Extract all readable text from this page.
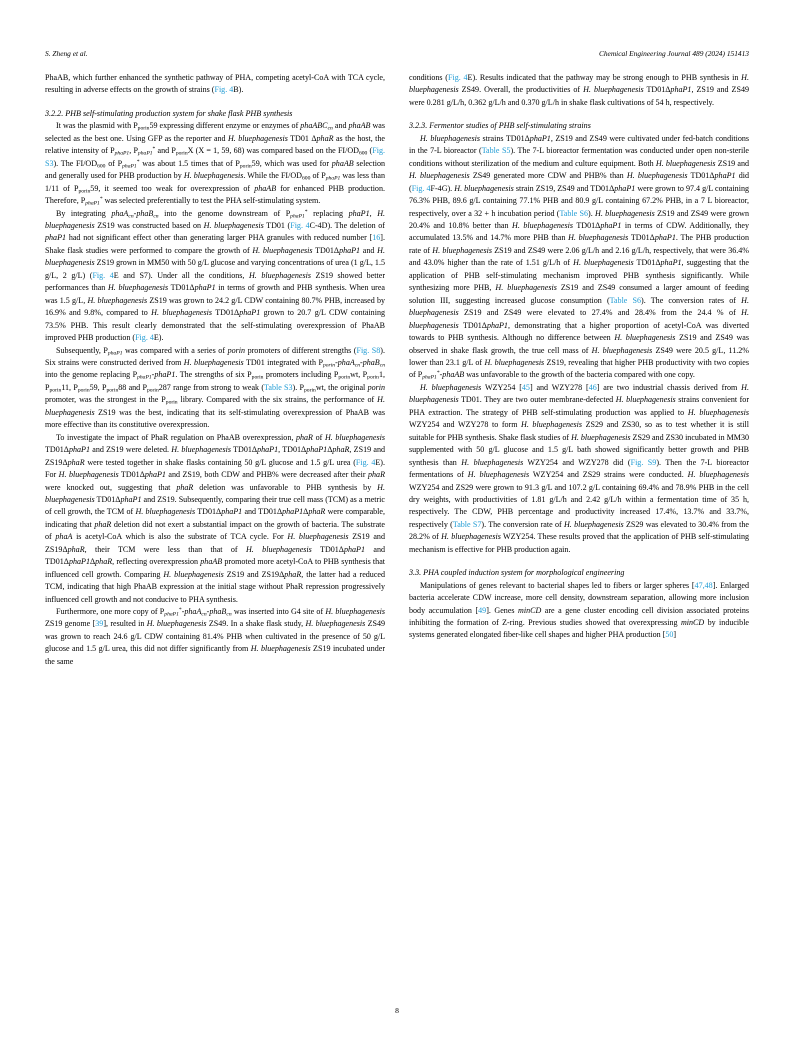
S. Zheng et al.	Chemical Engineering Journal 489 (2024) 151413

PhaAB, which further enhanced the synthetic pathway of PHA, competing acetyl-CoA with TCA cycle, resulting in adverse effects on the growth of strains (Fig. 4B).

3.2.2. PHB self-stimulating production system for shake flask PHB synthesis

It was the plasmid with $P_{porin}59$ expressing different enzyme or enzymes of phaABC$_{cn}$ and phaAB was selected as the best one. Using GFP as the reporter and H. bluephagenesis TD01 ΔphaR as the host, the relative intensity of $P_{phaP1}$, $P_{phaP1}^*$ and $P_{porin}X$ (X = 1, 59, 68) was compared based on the $FI/OD_{600}$ (Fig. S3). The $FI/OD_{600}$ of $P_{phaP1}^*$ was about 1.5 times that of $P_{porin}59$, which was used for phaAB selection and generally used for PHB production by H. bluephagenesis. While the $FI/OD_{600}$ of $P_{phaP1}$ was less than 1/11 of $P_{porin}59$, it seemed too weak for overexpression of phaAB for enhanced PHB production. Therefore, $P_{phaP1}^*$ was selected preferentially to test the PHA self-stimulating system.

By integrating phaA$_{cn}$-phaB$_{cn}$ into the genome downstream of $P_{phaP1}^*$ replacing phaP1, H. bluephagenesis ZS19 was constructed based on H. bluephagenesis TD01 (Fig. 4C-4D). The deletion of phaP1 had not significant effect other than generating larger PHA granules with reduced number [16]. Shake flask studies were performed to compare the growth of H. bluephagenesis TD01ΔphaP1 and H. bluephagenesis ZS19 grown in MM50 with 50 g/L glucose and varying concentrations of urea (1 g/L, 1.5 g/L, 2 g/L) (Fig. 4E and S7). Under all the conditions, H. bluephagenesis ZS19 showed better performances than H. bluephagenesis TD01ΔphaP1 in terms of growth and PHB synthesis. When urea was 1.5 g/L, H. bluephagenesis ZS19 was grown to 24.2 g/L CDW containing 80.7% PHB, increased by 16.9% and 9.8%, compared to H. bluephagenesis TD01ΔphaP1 grown to 20.7 g/L CDW containing 73.5% PHB. This result clearly demonstrated that the self-stimulating overexpression of PhaAB improved PHB production (Fig. 4E).

Subsequently, $P_{phaP1}$ was compared with a series of porin promoters of different strengths (Fig. S8). Six strains were constructed derived from H. bluephagenesis TD01 integrated with $P_{porin}-phaA_{cn}-phaB_{cn}$ into the genome replacing $P_{phaP1}-phaP1$. The strengths of six $P_{porin}$ promoters including $P_{porin}wt$, $P_{porin}1$, $P_{porin}11$, $P_{porin}59$, $P_{porin}88$ and $P_{porin}287$ range from strong to weak (Table S3). $P_{porin}wt$, the original porin promoter, was the strongest in the $P_{porin}$ library. Compared with the six strains, the performance of H. bluephagenesis ZS19 was the best, indicating that its self-stimulating overexpression of PhaAB was more effective than its constitutive overexpression.

To investigate the impact of PhaR regulation on PhaAB overexpression, phaR of H. bluephagenesis TD01ΔphaP1 and ZS19 were deleted. H. bluephagenesis TD01ΔphaP1, TD01ΔphaP1ΔphaR, ZS19 and ZS19ΔphaR were tested together in shake flasks containing 50 g/L glucose and 1.5 g/L urea (Fig. 4E). For H. bluephagenesis TD01ΔphaP1 and ZS19, both CDW and PHB% were decreased after their phaR were knocked out, suggesting that phaR deletion was unfavorable to PHB synthesis by H. bluephagenesis TD01ΔphaP1 and ZS19. Subsequently, comparing their true cell mass (TCM) as a metric of cell growth, the TCM of H. bluephagenesis TD01ΔphaP1 and TD01ΔphaP1ΔphaR were comparable, indicating that phaR deletion did not exert a substantial impact on the growth of bacteria. The substrate of phaA is acetyl-CoA which is also the substrate of TCA cycle. For H. bluephagenesis ZS19 and ZS19ΔphaR, their TCM were less than that of H. bluephagenesis TD01ΔphaP1 and TD01ΔphaP1ΔphaR, reflecting overexpression phaAB promoted more acetyl-CoA to PHB synthesis that influenced cell growth. Comparing H. bluephagenesis ZS19 and ZS19ΔphaR, the latter had a reduced TCM, indicating that high PhaAB expression at the initial stage without PhaR repression progressively influenced cell growth and not conducive to PHA synthesis.

Furthermore, one more copy of $P_{phaP1}^*-phaA_{cn}-phaB_{cn}$ was inserted into G4 site of H. bluephagenesis ZS19 genome [39], resulted in H. bluephagenesis ZS49. In a shake flask study, H. bluephagenesis ZS49 was grown to reach 24.6 g/L CDW containing 81.4% PHB when cultivated in the presence of 50 g/L glucose and 1.5 g/L urea, this did not differ significantly from H. bluephagenesis ZS19 incubated under the same

conditions (Fig. 4E). Results indicated that the pathway may be strong enough to PHB synthesis in H. bluephagenesis ZS49. Overall, the productivities of H. bluephagenesis TD01ΔphaP1, ZS19 and ZS49 were 0.281 g/L/h, 0.362 g/L/h and 0.370 g/L/h in shake flask cultivations of 54 h, respectively.

3.2.3. Fermentor studies of PHB self-stimulating strains

H. bluephagenesis strains TD01ΔphaP1, ZS19 and ZS49 were cultivated under fed-batch conditions in the 7-L bioreactor (Table S5). The 7-L bioreactor fermentation was conducted under open non-sterile conditions without sterilization of the medium and culture equipment. Both H. bluephagenesis ZS19 and H. bluephagenesis ZS49 generated more CDW and PHB% than H. bluephagenesis TD01ΔphaP1 did (Fig. 4F-4G). H. bluephagenesis strain ZS19, ZS49 and TD01ΔphaP1 were grown to 97.4 g/L containing 76.3% PHB, 89.6 g/L containing 77.1% PHB and 80.9 g/L containing 67.2% PHB, in a 7 L bioreactor, respectively, over a 32 + h incubation period (Table S6). H. bluephagenesis ZS19 and ZS49 were grown 20.4% and 10.8% better than H. bluephagenesis TD01ΔphaP1 in terms of CDW. Additionally, they accumulated 13.5% and 14.7% more PHB than H. bluephagenesis TD01ΔphaP1. The PHB production rate of H. bluephagenesis ZS19 and ZS49 were 2.06 g/L/h and 2.16 g/L/h, respectively, that were 36.4% and 43.0% higher than the rate of 1.51 g/L/h of H. bluephagenesis TD01ΔphaP1, suggesting that the application of PHB self-stimulating mechanism improved PHB synthesis significantly. While synthesizing more PHB, H. bluephagenesis ZS19 and ZS49 consumed a larger amount of feeding solution III, suggesting increased glucose consumption (Table S6). The conversion rates of H. bluephagenesis ZS19 and ZS49 were elevated to 27.4% and 28.4% from the 24.4 % of H. bluephagenesis TD01ΔphaP1, demonstrating that a higher proportion of acetyl-CoA was diverted towards to PHB synthesis. Although no difference between H. bluephagenesis ZS19 and ZS49 was observed in shake flask growth, the true cell mass of H. bluephagenesis ZS49 were 20.5 g/L, 11.2% lower than 23.1 g/L of H. bluephagenesis ZS19, revealing that higher PHB productivity with two copies of $P_{phaP1}^*$-phaAB was unfavorable to the growth of the bacteria compared with one copy.

H. bluephagenesis WZY254 [45] and WZY278 [46] are two industrial chassis derived from H. bluephagenesis TD01. They are two outer membrane-defected H. bluephagenesis strains convenient for PHA extraction. The strategy of PHB self-stimulating production was applied to H. bluephagenesis WZY254 and WZY278 to form H. bluephagenesis ZS29 and ZS30, so as to test whether it is still suitable for PHB synthesis. Shake flask studies of H. bluephagenesis ZS29 and ZS30 incubated in MM30 supplemented with 50 g/L glucose and 1.5 g/L bath showed significantly better growth and PHB synthesis than H. bluephagenesis WZY254 and WZY278 did (Fig. S9). Then the 7-L bioreactor fermentations of H. bluephagenesis WZY254 and ZS29 strains were conducted. H. bluephagenesis WZY254 and ZS29 were grown to 91.3 g/L and 107.2 g/L containing 69.4% and 78.9% PHB in the cell dry weights, with productivities of 1.81 g/L/h and 2.42 g/L/h within a fermentation time of 35 h, respectively. The CDW, PHB percentage and productivity increased 17.4%, 13.7% and 33.7%, respectively (Table S7). The conversion rate of H. bluephagenesis ZS29 was elevated to 30.4% from the 28.2% of H. bluephagenesis WZY254. These results proved that the application of PHB self-stimulating mechanism is effective for PHB production again.

3.3. PHA coupled induction system for morphological engineering

Manipulations of genes relevant to bacterial shapes led to fibers or larger spheres [47,48]. Enlarged bacteria accelerate CDW increase, more cell density, downstream separation, allowing more inclusion body accumulation [49]. Genes minCD are a gene cluster encoding cell division associated proteins inhibiting the formation of Z-ring. Previous studies showed that overexpressing minCD by inducible systems generated elongated fiber-like cell shapes and higher PHA production [50]

8
